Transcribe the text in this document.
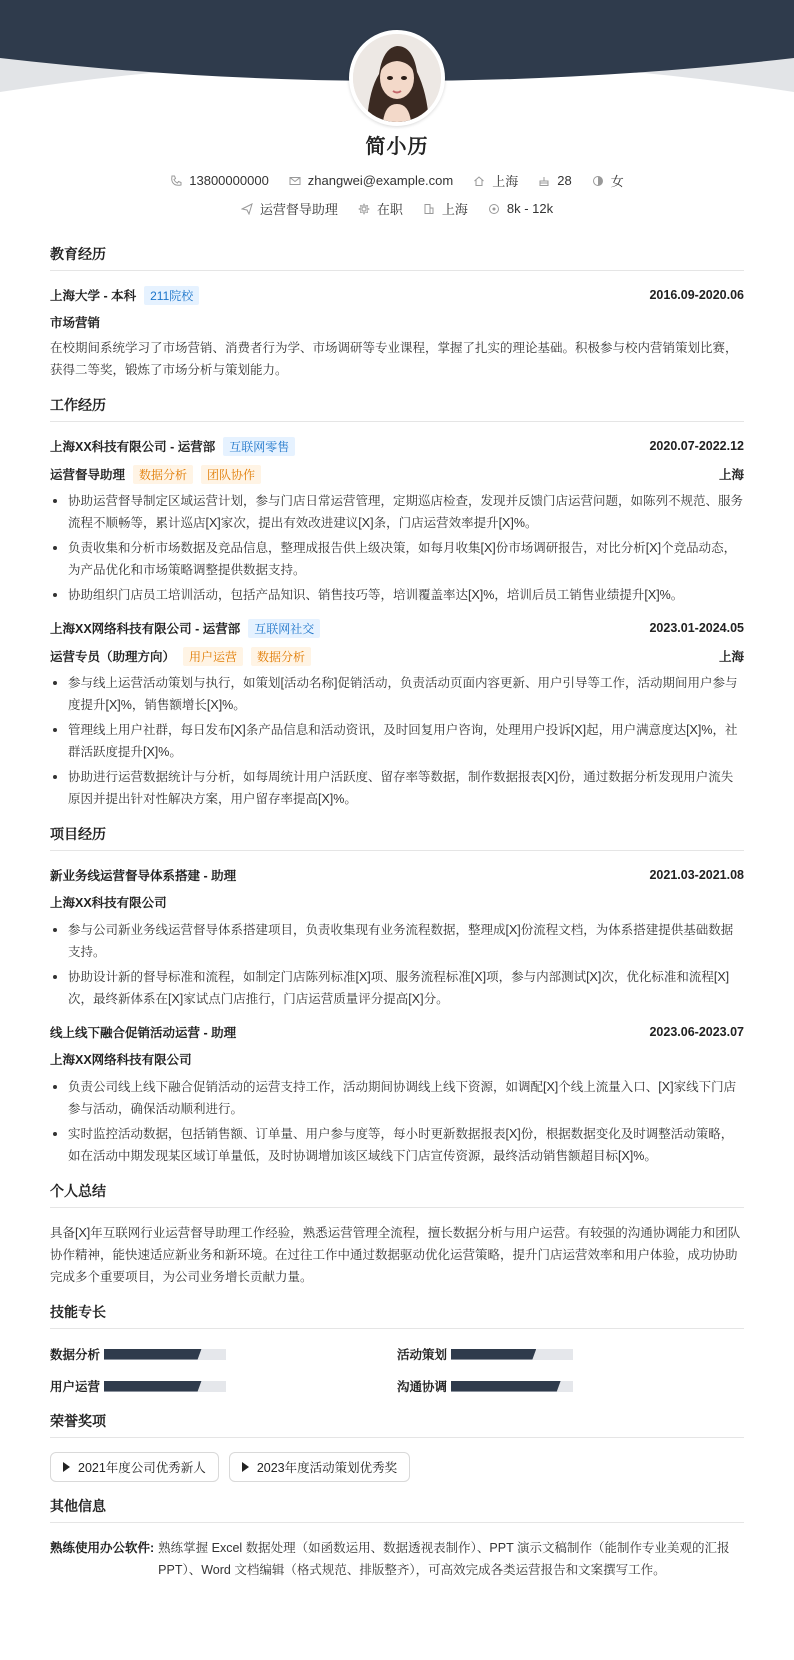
简小历
13800000000	zhangwei@example.com	上海	28	女
运营督导助理	在职	上海	8k - 12k
教育经历
上海大学 - 本科	211院校	2016.09-2020.06
市场营销
在校期间系统学习了市场营销、消费者行为学、市场调研等专业课程，掌握了扎实的理论基础。积极参与校内营销策划比赛，获得二等奖，锻炼了市场分析与策划能力。
工作经历
上海XX科技有限公司 - 运营部	互联网零售	2020.07-2022.12
运营督导助理	数据分析	团队协作	上海
协助运营督导制定区域运营计划，参与门店日常运营管理，定期巡店检查，发现并反馈门店运营问题，如陈列不规范、服务流程不顺畅等，累计巡店[X]家次，提出有效改进建议[X]条，门店运营效率提升[X]%。
负责收集和分析市场数据及竞品信息，整理成报告供上级决策，如每月收集[X]份市场调研报告，对比分析[X]个竞品动态，为产品优化和市场策略调整提供数据支持。
协助组织门店员工培训活动，包括产品知识、销售技巧等，培训覆盖率达[X]%，培训后员工销售业绩提升[X]%。
上海XX网络科技有限公司 - 运营部	互联网社交	2023.01-2024.05
运营专员（助理方向）	用户运营	数据分析	上海
参与线上运营活动策划与执行，如策划[活动名称]促销活动，负责活动页面内容更新、用户引导等工作，活动期间用户参与度提升[X]%，销售额增长[X]%。
管理线上用户社群，每日发布[X]条产品信息和活动资讯，及时回复用户咨询，处理用户投诉[X]起，用户满意度达[X]%，社群活跃度提升[X]%。
协助进行运营数据统计与分析，如每周统计用户活跃度、留存率等数据，制作数据报表[X]份，通过数据分析发现用户流失原因并提出针对性解决方案，用户留存率提高[X]%。
项目经历
新业务线运营督导体系搭建 - 助理	2021.03-2021.08
上海XX科技有限公司
参与公司新业务线运营督导体系搭建项目，负责收集现有业务流程数据，整理成[X]份流程文档，为体系搭建提供基础数据支持。
协助设计新的督导标准和流程，如制定门店陈列标准[X]项、服务流程标准[X]项，参与内部测试[X]次，优化标准和流程[X]次，最终新体系在[X]家试点门店推行，门店运营质量评分提高[X]分。
线上线下融合促销活动运营 - 助理	2023.06-2023.07
上海XX网络科技有限公司
负责公司线上线下融合促销活动的运营支持工作，活动期间协调线上线下资源，如调配[X]个线上流量入口、[X]家线下门店参与活动，确保活动顺利进行。
实时监控活动数据，包括销售额、订单量、用户参与度等，每小时更新数据报表[X]份，根据数据变化及时调整活动策略，如在活动中期发现某区域订单量低，及时协调增加该区域线下门店宣传资源，最终活动销售额超目标[X]%。
个人总结
具备[X]年互联网行业运营督导助理工作经验，熟悉运营管理全流程，擅长数据分析与用户运营。有较强的沟通协调能力和团队协作精神，能快速适应新业务和新环境。在过往工作中通过数据驱动优化运营策略，提升门店运营效率和用户体验，成功协助完成多个重要项目，为公司业务增长贡献力量。
技能专长
数据分析	活动策划
用户运营	沟通协调
荣誉奖项
2021年度公司优秀新人	2023年度活动策划优秀奖
其他信息
熟练使用办公软件: 熟练掌握 Excel 数据处理（如函数运用、数据透视表制作）、PPT 演示文稿制作（能制作专业美观的汇报PPT）、Word 文档编辑（格式规范、排版整齐），可高效完成各类运营报告和文案撰写工作。
